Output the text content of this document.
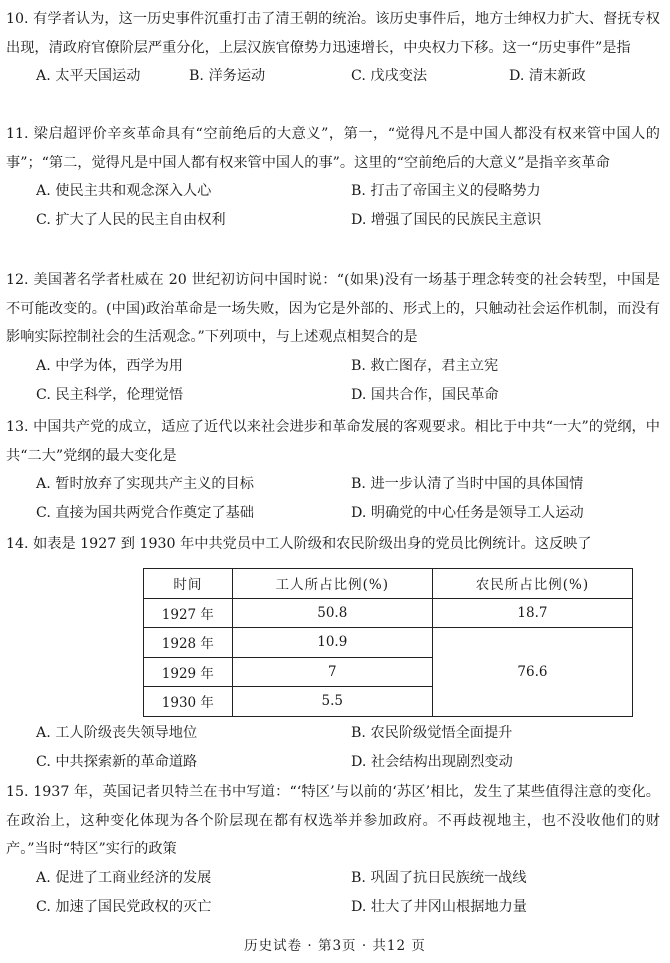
10. 有学者认为，这一历史事件沉重打击了清王朝的统治。该历史事件后，地方士绅权力扩大、督抚专权出现，清政府官僚阶层严重分化，上层汉族官僚势力迅速增长，中央权力下移。这一“历史事件”是指
A. 太平天国运动	B. 洋务运动	C. 戊戌变法	D. 清末新政
11. 梁启超评价辛亥革命具有“空前绝后的大意义”，第一，“觉得凡不是中国人都没有权来管中国人的事”；“第二，觉得凡是中国人都有权来管中国人的事”。这里的“空前绝后的大意义”是指辛亥革命
A. 使民主共和观念深入人心	B. 打击了帝国主义的侵略势力
C. 扩大了人民的民主自由权利	D. 增强了国民的民族民主意识
12. 美国著名学者杜威在 20 世纪初访问中国时说：“(如果)没有一场基于理念转变的社会转型，中国是不可能改变的。(中国)政治革命是一场失败，因为它是外部的、形式上的，只触动社会运作机制，而没有影响实际控制社会的生活观念。”下列项中，与上述观点相契合的是
A. 中学为体，西学为用	B. 救亡图存，君主立宪
C. 民主科学，伦理觉悟	D. 国共合作，国民革命
13. 中国共产党的成立，适应了近代以来社会进步和革命发展的客观要求。相比于中共“一大”的党纲，中共“二大”党纲的最大变化是
A. 暂时放弃了实现共产主义的目标	B. 进一步认清了当时中国的具体国情
C. 直接为国共两党合作奠定了基础	D. 明确党的中心任务是领导工人运动
14. 如表是 1927 到 1930 年中共党员中工人阶级和农民阶级出身的党员比例统计。这反映了
时间	工人所占比例(%)	农民所占比例(%)
1927 年	50.8	18.7
1928 年	10.9	76.6
1929 年	7	
1930 年	5.5	
A. 工人阶级丧失领导地位	B. 农民阶级觉悟全面提升
C. 中共探索新的革命道路	D. 社会结构出现剧烈变动
15. 1937 年，英国记者贝特兰在书中写道：“‘特区’与以前的‘苏区’相比，发生了某些值得注意的变化。在政治上，这种变化体现为各个阶层现在都有权选举并参加政府。不再歧视地主，也不没收他们的财产。”当时“特区”实行的政策
A. 促进了工商业经济的发展	B. 巩固了抗日民族统一战线
C. 加速了国民党政权的灭亡	D. 壮大了井冈山根据地力量
历史试卷 · 第3页 · 共12 页
